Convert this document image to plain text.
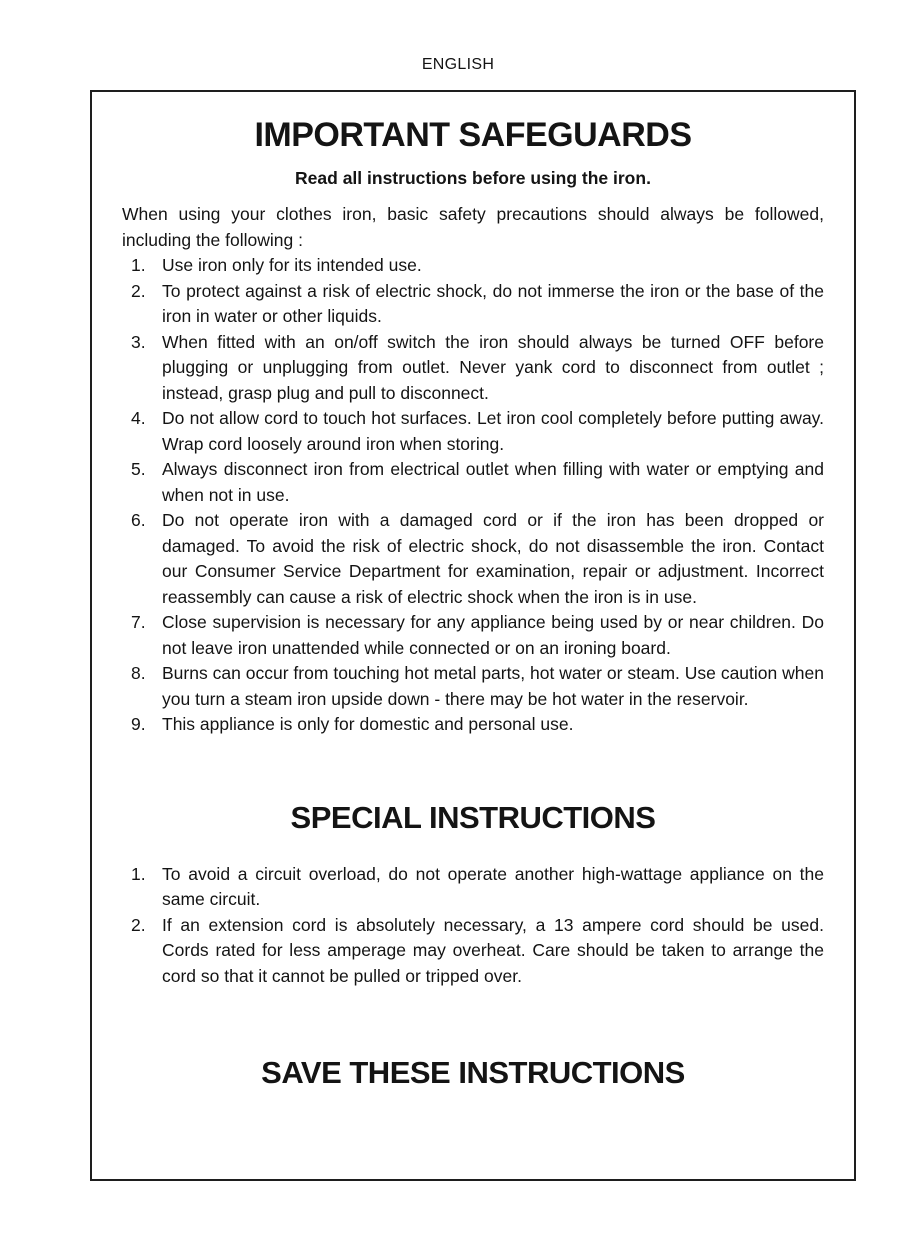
ENGLISH
IMPORTANT SAFEGUARDS
Read all instructions before using the iron.

When using your clothes iron, basic safety precautions should always be followed, including the following :

Use iron only for its intended use.
To protect against a risk of electric shock, do not immerse the iron or the base of the iron in water or other liquids.
When fitted with an on/off switch the iron should always be turned OFF before plugging or unplugging from outlet. Never yank cord to disconnect from outlet ; instead, grasp plug and pull to disconnect.
Do not allow cord to touch hot surfaces. Let iron cool completely before putting away. Wrap cord loosely around iron when storing.
Always disconnect iron from electrical outlet when filling with water or emptying and when not in use.
Do not operate iron with a damaged cord or if the iron has been dropped or damaged. To avoid the risk of electric shock, do not disassemble the iron. Contact our Consumer Service Department for examination, repair or adjustment. Incorrect reassembly can cause a risk of electric shock when the iron is in use.
Close supervision is necessary for any appliance being used by or near children. Do not leave iron unattended while connected or on an ironing board.
Burns can occur from touching hot metal parts, hot water or steam. Use caution when you turn a steam iron upside down - there may be hot water in the reservoir.
This appliance is only for domestic and personal use.
SPECIAL INSTRUCTIONS
To avoid a circuit overload, do not operate another high-wattage appliance on the same circuit.
If an extension cord is absolutely necessary, a 13 ampere cord should be used. Cords rated for less amperage may overheat. Care should be taken to arrange the cord so that it cannot be pulled or tripped over.
SAVE THESE INSTRUCTIONS
